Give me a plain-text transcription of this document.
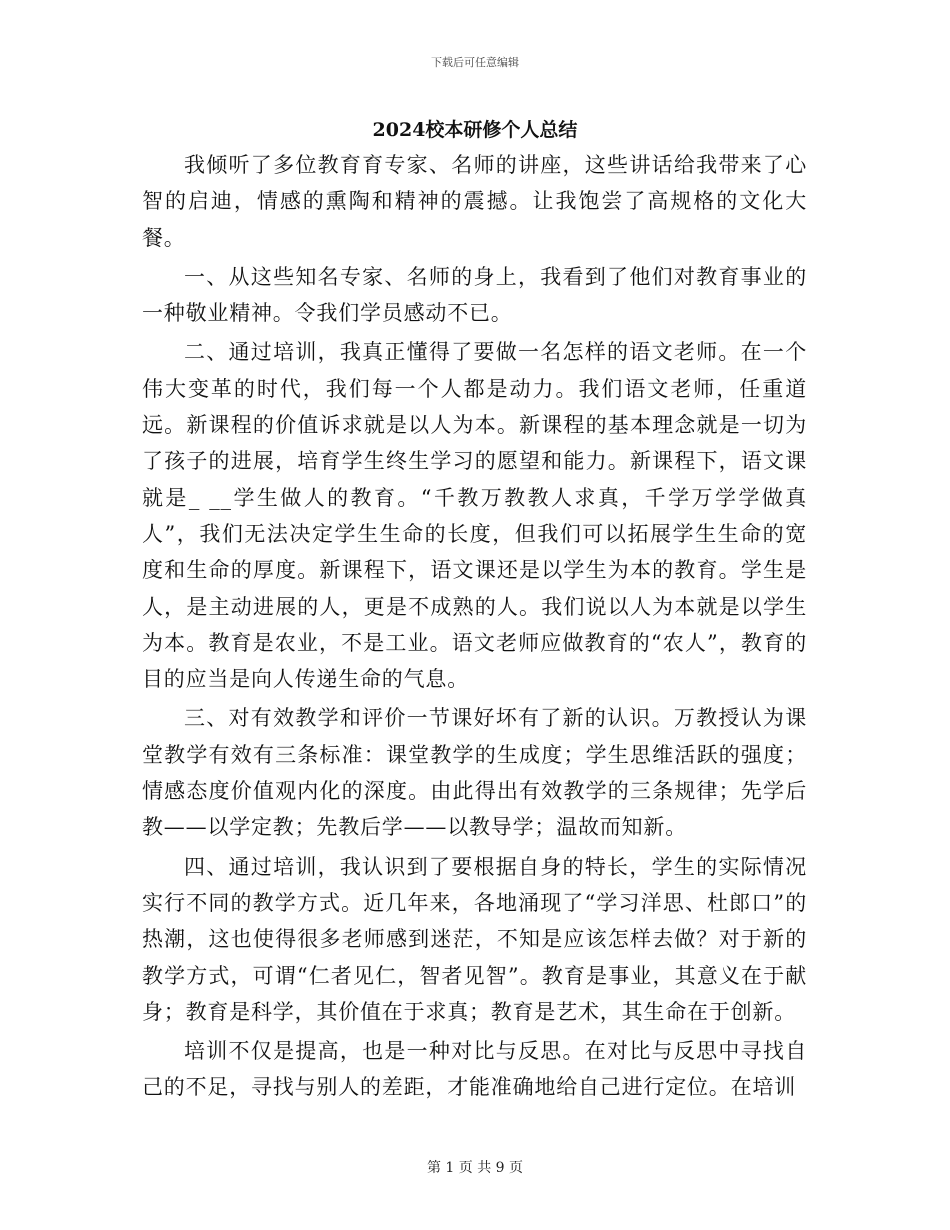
下载后可任意编辑
2024校本研修个人总结

我倾听了多位教育育专家、名师的讲座，这些讲话给我带来了心智的启迪，情感的熏陶和精神的震撼。让我饱尝了高规格的文化大餐。

一、从这些知名专家、名师的身上，我看到了他们对教育事业的一种敬业精神。令我们学员感动不已。

二、通过培训，我真正懂得了要做一名怎样的语文老师。在一个伟大变革的时代，我们每一个人都是动力。我们语文老师，任重道远。新课程的价值诉求就是以人为本。新课程的基本理念就是一切为了孩子的进展，培育学生终生学习的愿望和能力。新课程下，语文课就是_ __学生做人的教育。“千教万教教人求真，千学万学学做真人”，我们无法决定学生生命的长度，但我们可以拓展学生生命的宽度和生命的厚度。新课程下，语文课还是以学生为本的教育。学生是人，是主动进展的人，更是不成熟的人。我们说以人为本就是以学生为本。教育是农业，不是工业。语文老师应做教育的“农人”，教育的目的应当是向人传递生命的气息。

三、对有效教学和评价一节课好坏有了新的认识。万教授认为课堂教学有效有三条标准：课堂教学的生成度；学生思维活跃的强度；情感态度价值观内化的深度。由此得出有效教学的三条规律；先学后教——以学定教；先教后学——以教导学；温故而知新。

四、通过培训，我认识到了要根据自身的特长，学生的实际情况实行不同的教学方式。近几年来，各地涌现了“学习洋思、杜郎口”的热潮，这也使得很多老师感到迷茫，不知是应该怎样去做？对于新的教学方式，可谓“仁者见仁，智者见智”。教育是事业，其意义在于献身；教育是科学，其价值在于求真；教育是艺术，其生命在于创新。

培训不仅是提高，也是一种对比与反思。在对比与反思中寻找自己的不足，寻找与别人的差距，才能准确地给自己进行定位。在培训

第 1 页 共 9 页
